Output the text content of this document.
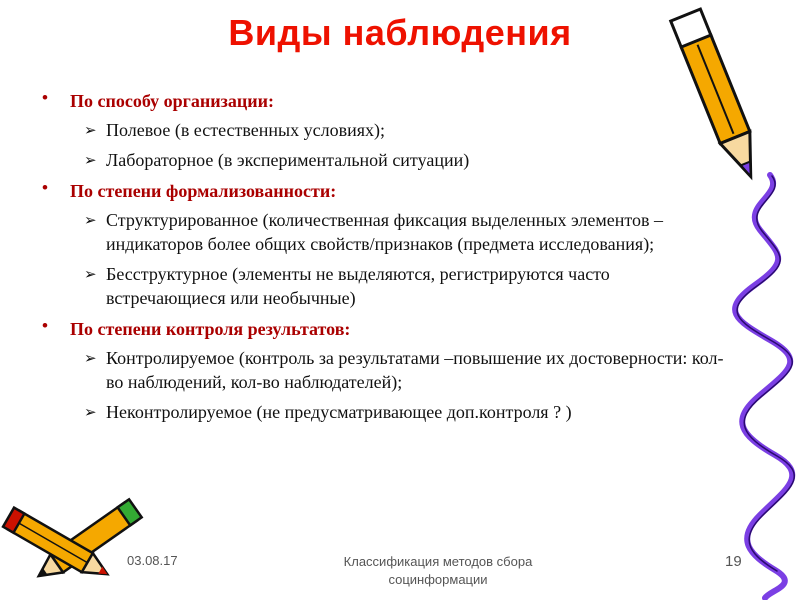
Виды наблюдения
• По способу организации:
➢ Полевое (в естественных условиях);
➢ Лабораторное (в экспериментальной ситуации)
• По степени формализованности:
➢ Структурированное (количественная фиксация выделенных элементов – индикаторов более общих свойств/признаков (предмета исследования);
➢ Бесструктурное (элементы не выделяются, регистрируются часто встречающиеся или необычные)
• По степени контроля результатов:
➢ Контролируемое (контроль за результатами –повышение их достоверности: кол-во наблюдений, кол-во наблюдателей);
➢ Неконтролируемое (не предусматривающее доп.контроля ? )
03.08.17	Классификация методов сбора
социнформации
19
